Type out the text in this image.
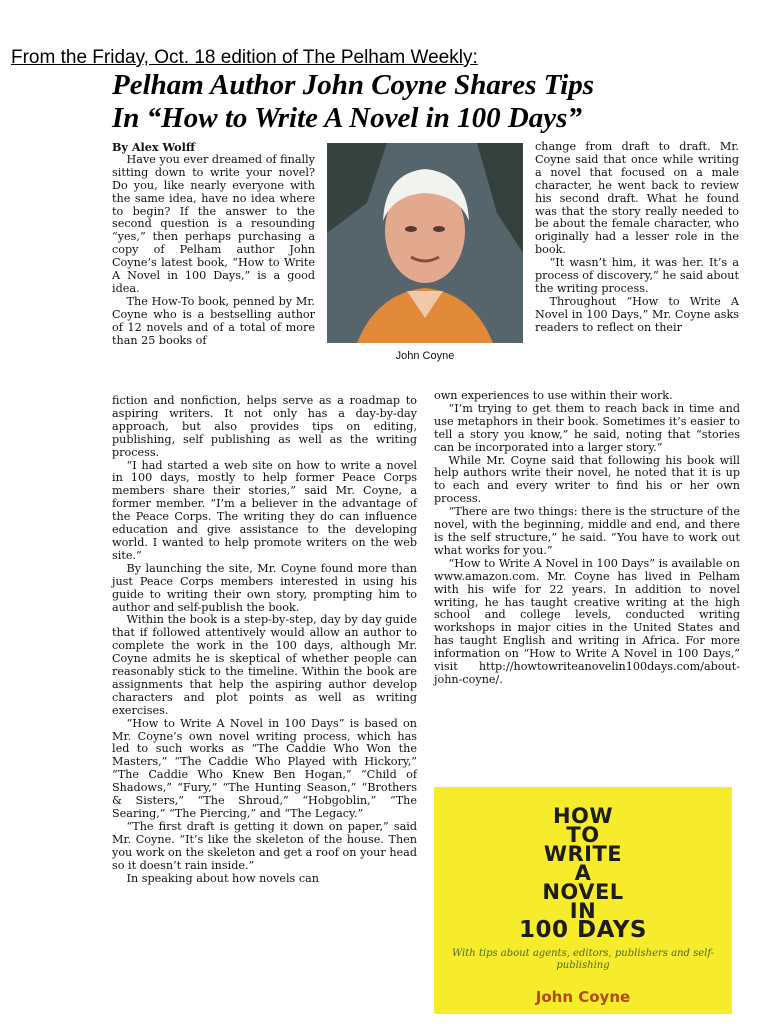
From the Friday, Oct. 18 edition of The Pelham Weekly:
Pelham Author John Coyne Shares Tips
In “How to Write A Novel in 100 Days”
By Alex Wolff

Have you ever dreamed of finally sitting down to write your novel? Do you, like nearly everyone with the same idea, have no idea where to begin? If the answer to the second question is a resounding “yes,” then perhaps purchasing a copy of Pelham author John Coyne’s latest book, “How to Write A Novel in 100 Days,” is a good idea.

The How-To book, penned by Mr. Coyne who is a bestselling author of 12 novels and of a total of more than 25 books of

John Coyne

change from draft to draft. Mr. Coyne said that once while writing a novel that focused on a male character, he went back to review his second draft. What he found was that the story really needed to be about the female character, who originally had a lesser role in the book.

“It wasn’t him, it was her. It’s a process of discovery,” he said about the writing process.

Throughout “How to Write A Novel in 100 Days,” Mr. Coyne asks readers to reflect on their

fiction and nonfiction, helps serve as a roadmap to aspiring writers. It not only has a day-by-day approach, but also provides tips on editing, publishing, self publishing as well as the writing process.

“I had started a web site on how to write a novel in 100 days, mostly to help former Peace Corps members share their stories,” said Mr. Coyne, a former member. “I’m a believer in the advantage of the Peace Corps. The writing they do can influence education and give assistance to the developing world. I wanted to help promote writers on the web site.”

By launching the site, Mr. Coyne found more than just Peace Corps members interested in using his guide to writing their own story, prompting him to author and self-publish the book.

Within the book is a step-by-step, day by day guide that if followed attentively would allow an author to complete the work in the 100 days, although Mr. Coyne admits he is skeptical of whether people can reasonably stick to the timeline. Within the book are assignments that help the aspiring author develop characters and plot points as well as writing exercises.

“How to Write A Novel in 100 Days” is based on Mr. Coyne’s own novel writing process, which has led to such works as “The Caddie Who Won the Masters,” “The Caddie Who Played with Hickory,” “The Caddie Who Knew Ben Hogan,” “Child of Shadows,” “Fury,” “The Hunting Season,” “Brothers & Sisters,” “The Shroud,” “Hobgoblin,” “The Searing,” “The Piercing,” and “The Legacy.”

“The first draft is getting it down on paper,” said Mr. Coyne. “It’s like the skeleton of the house. Then you work on the skeleton and get a roof on your head so it doesn’t rain inside.”

In speaking about how novels can

own experiences to use within their work.

“I’m trying to get them to reach back in time and use metaphors in their book. Sometimes it’s easier to tell a story you know,” he said, noting that “stories can be incorporated into a larger story.”

While Mr. Coyne said that following his book will help authors write their novel, he noted that it is up to each and every writer to find his or her own process.

“There are two things: there is the structure of the novel, with the beginning, middle and end, and there is the self structure,” he said. “You have to work out what works for you.”

“How to Write A Novel in 100 Days” is available on www.amazon.com. Mr. Coyne has lived in Pelham with his wife for 22 years. In addition to novel writing, he has taught creative writing at the high school and college levels, conducted writing workshops in major cities in the United States and has taught English and writing in Africa. For more information on “How to Write A Novel in 100 Days,” visit http://howtowriteanovelin100days.com/about-john-coyne/.

HOW
TO
WRITE
A
NOVEL
IN
100 DAYS
With tips about agents, editors, publishers and self-publishing
John Coyne
